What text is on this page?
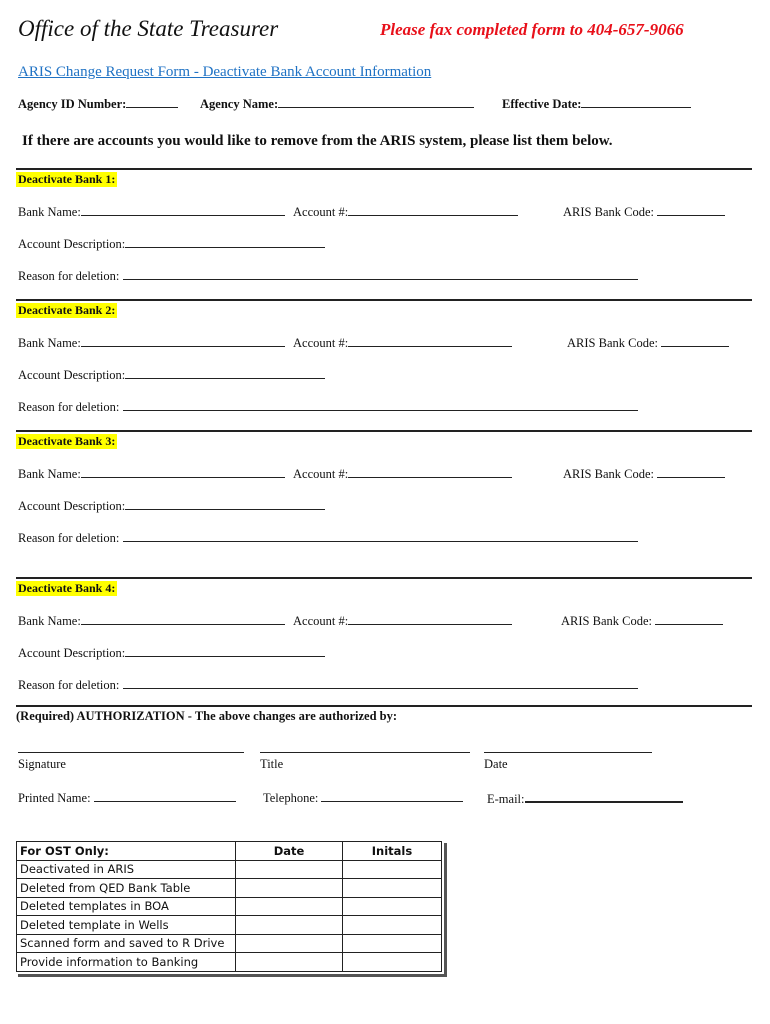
Office of the State Treasurer	Please fax completed form to 404-657-9066
ARIS Change Request Form - Deactivate Bank Account Information
Agency ID Number:	Agency Name:	Effective Date:
If there are accounts you would like to remove from the ARIS system, please list them below.
Deactivate Bank 1:
Bank Name:	Account #:	ARIS Bank Code:
Account Description:
Reason for deletion:
Deactivate Bank 2:
Bank Name:	Account #:	ARIS Bank Code:
Account Description:
Reason for deletion:
Deactivate Bank 3:
Bank Name:	Account #:	ARIS Bank Code:
Account Description:
Reason for deletion:
Deactivate Bank 4:
Bank Name:	Account #:	ARIS Bank Code:
Account Description:
Reason for deletion:
(Required) AUTHORIZATION - The above changes are authorized by:
Signature	Title	Date
Printed Name:	Telephone:	E-mail:
For OST Only:	Date	Initals
Deactivated in ARIS		
Deleted from QED Bank Table		
Deleted templates in BOA		
Deleted template in Wells		
Scanned form and saved to R Drive		
Provide information to Banking		
